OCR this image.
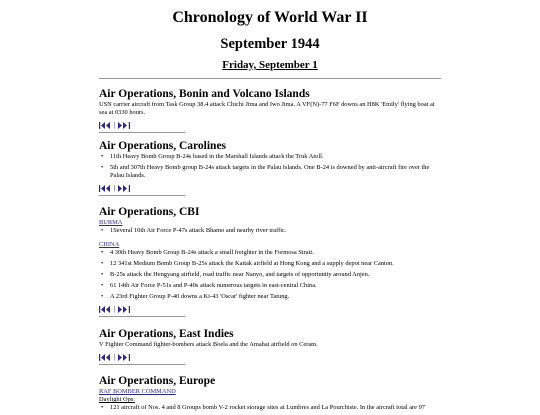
Chronology of World War II
September 1944
Friday, September 1
Air Operations, Bonin and Volcano Islands

USN carrier aircraft from Task Group 38.4 attack Chichi Jima and Iwo Jima. A VF(N)-77 F6F downs an H8K 'Emily' flying boat at sea at 0330 hours.

|
Air Operations, Carolines
• 11th Heavy Bomb Group B-24s based in the Marshall Islands attack the Truk Atoll.
• 5th and 307th Heavy Bomb group B-24s attack targets in the Palau Islands. One B-24 is downed by anti-aircraft fire over the Palau Islands.
|
Air Operations, CBI
BURMA
• 1Several 10th Air Force P-47s attack Bhamo and nearby river traffic.
CHINA
• 4 30th Heavy Bomb Group B-24s attack a small freighter in the Formosa Strait.
• 12 341st Medium Bomb Group B-25s attack the Kaitak airfield at Hong Kong and a supply depot near Canton.
• B-25s attack the Hengyang airfield, road traffic near Nanyo, and targets of opportunity around Anjen.
• 61 14th Air Force P-51s and P-40s attack numerous targets in east-central China.
• A 23rd Fighter Group P-40 downs a Ki-43 'Oscar' fighter near Tatung.
|
Air Operations, East Indies

V Fighter Command fighter-bombers attack Boela and the Amahai airfield on Ceram.

|
Air Operations, Europe
RAF BOMBER COMMAND
Daylight Ops:
• 121 aircraft of Nos. 4 and 8 Groups bomb V-2 rocket storage sites at Lumbres and La Pourchiste. In the aircraft total are 97
